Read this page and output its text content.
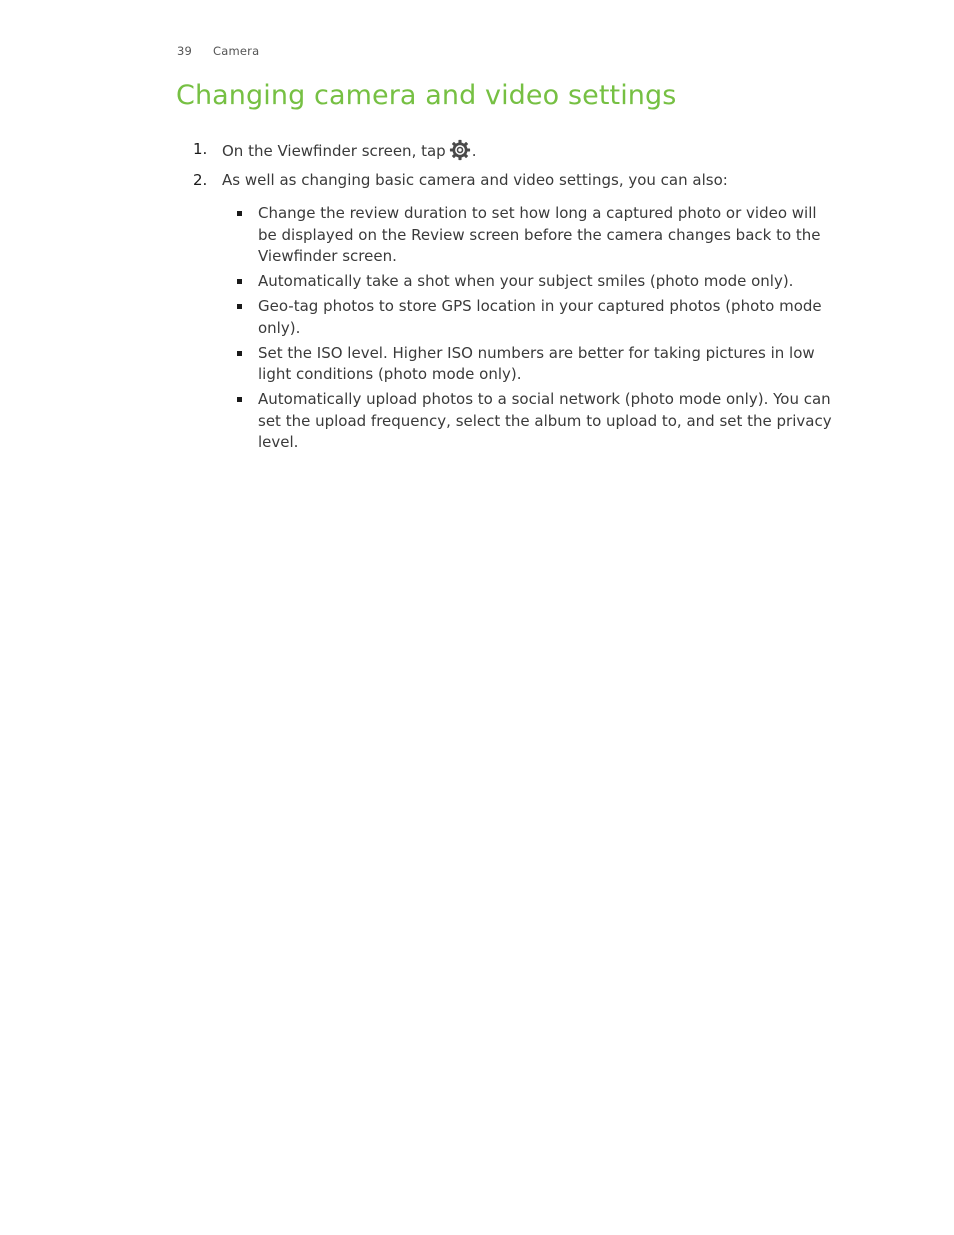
39 Camera
Changing camera and video settings
1. On the Viewfinder screen, tap .
2. As well as changing basic camera and video settings, you can also:
Change the review duration to set how long a captured photo or video will be displayed on the Review screen before the camera changes back to the Viewfinder screen.
Automatically take a shot when your subject smiles (photo mode only).
Geo-tag photos to store GPS location in your captured photos (photo mode only).
Set the ISO level. Higher ISO numbers are better for taking pictures in low light conditions (photo mode only).
Automatically upload photos to a social network (photo mode only). You can set the upload frequency, select the album to upload to, and set the privacy level.
